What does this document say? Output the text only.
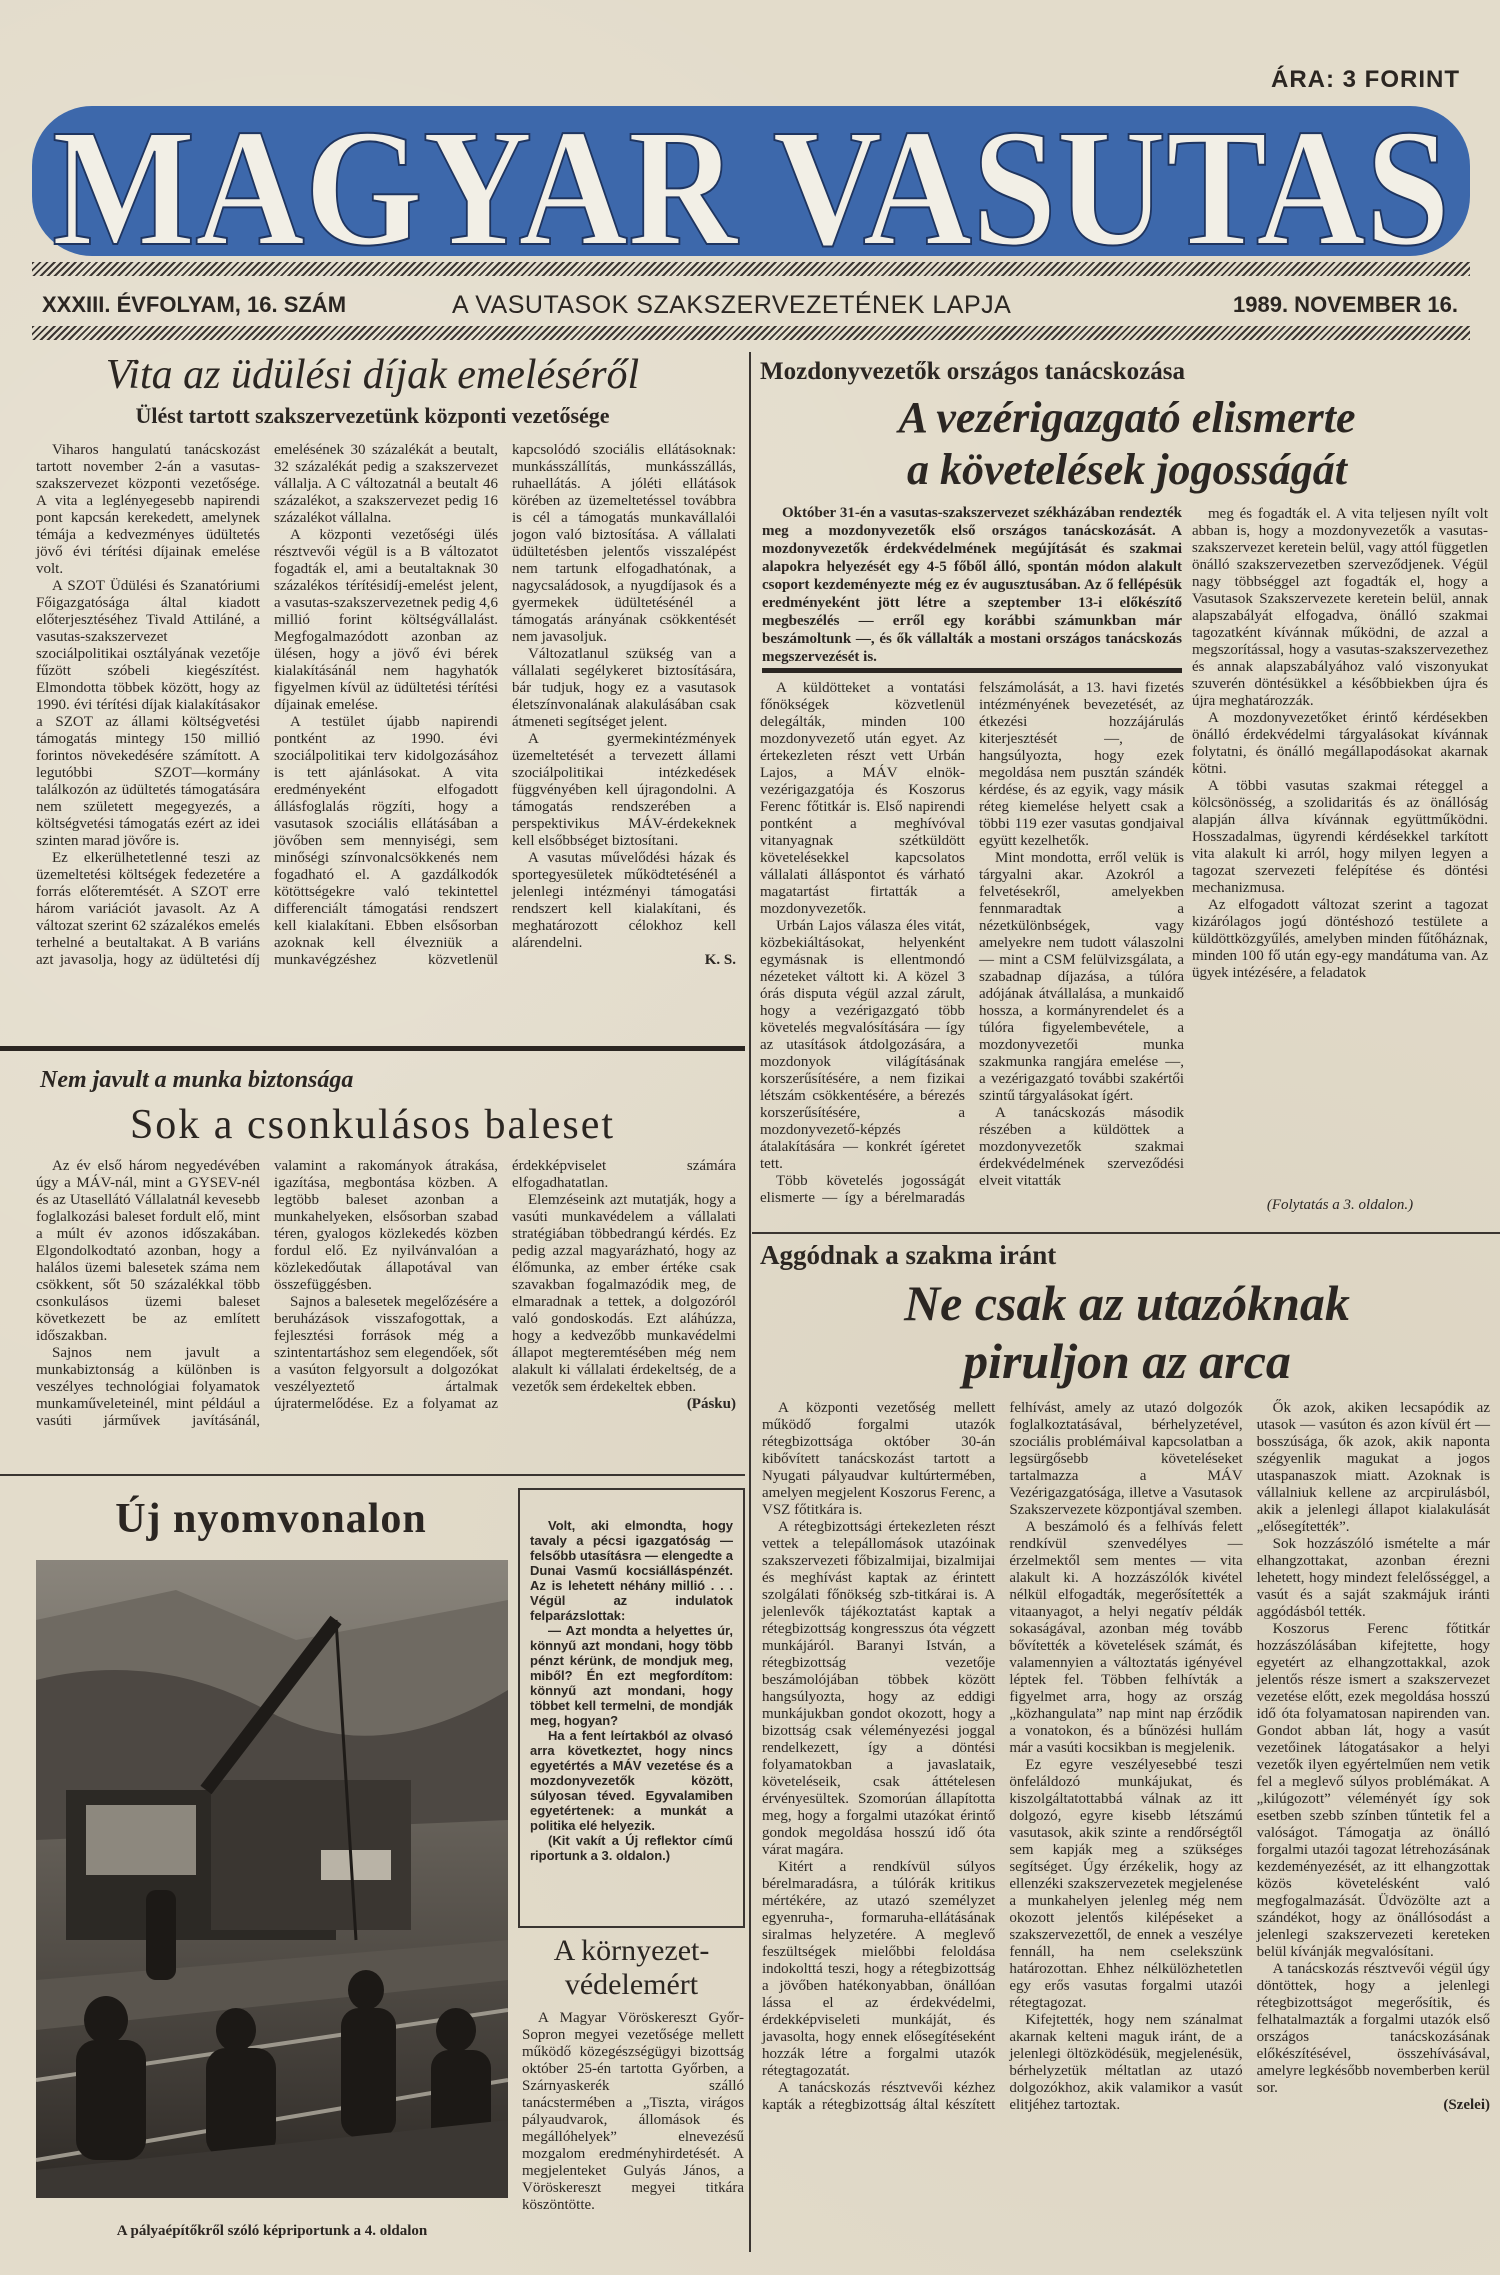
ÁRA: 3 FORINT
MAGYAR VASUTAS
XXXIII. ÉVFOLYAM, 16. SZÁM	A VASUTASOK SZAKSZERVEZETÉNEK LAPJA	1989. NOVEMBER 16.
Vita az üdülési díjak emeléséről
Ülést tartott szakszervezetünk központi vezetősége

Viharos hangulatú tanácskozást tartott november 2-án a vasutas-szakszervezet központi vezetősége. A vita a leglényegesebb napirendi pont kapcsán kerekedett, amelynek témája a kedvezményes üdültetés jövő évi térítési díjainak emelése volt.

A SZOT Üdülési és Szanatóriumi Főigazgatósága által kiadott előterjesztéséhez Tivald Attiláné, a vasutas-szakszervezet szociálpolitikai osztályának vezetője fűzött szóbeli kiegészítést. Elmondotta többek között, hogy az 1990. évi térítési díjak kialakításakor a SZOT az állami költségvetési támogatás mintegy 150 millió forintos növekedésére számított. A legutóbbi SZOT—kormány találkozón az üdültetés támogatására nem született megegyezés, a költségvetési támogatás ezért az idei szinten marad jövőre is.

Ez elkerülhetetlenné teszi az üzemeltetési költségek fedezetére a forrás előteremtését. A SZOT erre három variációt javasolt. Az A változat szerint 62 százalékos emelés terhelné a beutaltakat. A B variáns azt javasolja, hogy az üdültetési díj emelésének 30 százalékát a beutalt, 32 százalékát pedig a szakszervezet vállalja. A C változatnál a beutalt 46 százalékot, a szakszervezet pedig 16 százalékot vállalna.

A központi vezetőségi ülés résztvevői végül is a B változatot fogadták el, ami a beutaltaknak 30 százalékos térítésidíj-emelést jelent, a vasutas-szakszervezetnek pedig 4,6 millió forint költségvállalást. Megfogalmazódott azonban az ülésen, hogy a jövő évi bérek kialakításánál nem hagyhatók figyelmen kívül az üdültetési térítési díjainak emelése.

A testület újabb napirendi pontként az 1990. évi szociálpolitikai terv kidolgozásához is tett ajánlásokat. A vita eredményeként elfogadott állásfoglalás rögzíti, hogy a vasutasok szociális ellátásában a jövőben sem mennyiségi, sem minőségi színvonalcsökkenés nem fogadható el. A gazdálkodók kötöttségekre való tekintettel differenciált támogatási rendszert kell kialakítani. Ebben elsősorban azoknak kell élvezniük a munkavégzéshez közvetlenül kapcsolódó szociális ellátásoknak: munkásszállítás, munkásszállás, ruhaellátás. A jóléti ellátások körében az üzemeltetéssel továbbra is cél a támogatás munkavállalói jogon való biztosítása. A vállalati üdültetésben jelentős visszalépést nem tartunk elfogadhatónak, a nagycsaládosok, a nyugdíjasok és a gyermekek üdültetésénél a támogatás arányának csökkentését nem javasoljuk.

Változatlanul szükség van a vállalati segélykeret biztosítására, bár tudjuk, hogy ez a vasutasok életszínvonalának alakulásában csak átmeneti segítséget jelent.

A gyermekintézmények üzemeltetését a tervezett állami szociálpolitikai intézkedések függvényében kell újragondolni. A támogatás rendszerében a perspektivikus MÁV-érdekeknek kell elsőbbséget biztosítani.

A vasutas művelődési házak és sportegyesületek működtetésénél a jelenlegi intézményi támogatási rendszert kell kialakítani, és meghatározott célokhoz kell alárendelni.

K. S.

Nem javult a munka biztonsága
Sok a csonkulásos baleset

Az év első három negyedévében úgy a MÁV-nál, mint a GYSEV-nél és az Utasellátó Vállalatnál kevesebb foglalkozási baleset fordult elő, mint a múlt év azonos időszakában. Elgondolkodtató azonban, hogy a halálos üzemi balesetek száma nem csökkent, sőt 50 százalékkal több csonkulásos üzemi baleset következett be az említett időszakban.

Sajnos nem javult a munkabiztonság a különben is veszélyes technológiai folyamatok munkaműveleteinél, mint például a vasúti járművek javításánál, valamint a rakományok átrakása, igazítása, megbontása közben. A legtöbb baleset azonban a munkahelyeken, elsősorban szabad téren, gyalogos közlekedés közben fordul elő. Ez nyilvánvalóan a közlekedőutak állapotával van összefüggésben.

Sajnos a balesetek megelőzésére a beruházások visszafogottak, a fejlesztési források még a szintentartáshoz sem elegendőek, sőt a vasúton felgyorsult a dolgozókat veszélyeztető ártalmak újratermelődése. Ez a folyamat az érdekképviselet számára elfogadhatatlan.

Elemzéseink azt mutatják, hogy a vasúti munkavédelem a vállalati stratégiában többedrangú kérdés. Ez pedig azzal magyarázható, hogy az élőmunka, az ember értéke csak szavakban fogalmazódik meg, de elmaradnak a tettek, a dolgozóról való gondoskodás. Ezt aláhúzza, hogy a kedvezőbb munkavédelmi állapot megteremtésében még nem alakult ki vállalati érdekeltség, de a vezetők sem érdekeltek ebben.

(Pásku)

Új nyomvonalon
A pályaépítőkről szóló képriportunk a 4. oldalon

Volt, aki elmondta, hogy tavaly a pécsi igazgatóság — felsőbb utasításra — elengedte a Dunai Vasmű kocsiálláspénzét. Az is lehetett néhány millió . . . Végül az indulatok felparázslottak:

— Azt mondta a helyettes úr, könnyű azt mondani, hogy több pénzt kérünk, de mondjuk meg, miből? Én ezt megfordítom: könnyű azt mondani, hogy többet kell termelni, de mondják meg, hogyan?

Ha a fent leírtakból az olvasó arra következtet, hogy nincs egyetértés a MÁV vezetése és a mozdonyvezetők között, súlyosan téved. Egyvalamiben egyetértenek: a munkát a politika elé helyezik.

(Kit vakít a Új reflektor című riportunk a 3. oldalon.)

A környezet-
védelemért

A Magyar Vöröskereszt Győr-Sopron megyei vezetősége mellett működő közegészségügyi bizottság október 25-én tartotta Győrben, a Szárnyaskerék szálló tanácstermében a „Tiszta, virágos pályaudvarok, állomások és megállóhelyek” elnevezésű mozgalom eredményhirdetését. A megjelenteket Gulyás János, a Vöröskereszt megyei titkára köszöntötte.

Mozdonyvezetők országos tanácskozása
A vezérigazgató elismerte
a követelések jogosságát
Október 31-én a vasutas-szakszervezet székházában rendezték meg a mozdonyvezetők első országos tanácskozását. A mozdonyvezetők érdekvédelmének megújítását és szakmai alapokra helyezését egy 4-5 főből álló, spontán módon alakult csoport kezdeményezte még ez év augusztusában. Az ő fellépésük eredményeként jött létre a szeptember 13-i előkészítő megbeszélés — erről egy korábbi számunkban már beszámoltunk —, és ők vállalták a mostani országos tanácskozás megszervezését is.

A küldötteket a vontatási főnökségek közvetlenül delegálták, minden 100 mozdonyvezető után egyet. Az értekezleten részt vett Urbán Lajos, a MÁV elnök-vezérigazgatója és Koszorus Ferenc főtitkár is. Első napirendi pontként a meghívóval vitanyagnak szétküldött követelésekkel kapcsolatos vállalati álláspontot és várható magatartást firtatták a mozdonyvezetők.

Urbán Lajos válasza éles vitát, közbekiáltásokat, helyenként egymásnak is ellentmondó nézeteket váltott ki. A közel 3 órás disputa végül azzal zárult, hogy a vezérigazgató több követelés megvalósítására — így az utasítások átdolgozására, a mozdonyok világításának korszerűsítésére, a nem fizikai létszám csökkentésére, a bérezés korszerűsítésére, a mozdonyvezető-képzés átalakítására — konkrét ígéretet tett.

Több követelés jogosságát elismerte — így a bérelmaradás felszámolását, a 13. havi fizetés intézményének bevezetését, az étkezési hozzájárulás kiterjesztését —, de hangsúlyozta, hogy ezek megoldása nem pusztán szándék kérdése, és az egyik, vagy másik réteg kiemelése helyett csak a többi 119 ezer vasutas gondjaival együtt kezelhetők.

Mint mondotta, erről velük is tárgyalni akar. Azokról a felvetésekről, amelyekben fennmaradtak a nézetkülönbségek, vagy amelyekre nem tudott válaszolni — mint a CSM felülvizsgálata, a szabadnap díjazása, a túlóra adójának átvállalása, a munkaidő hossza, a kormányrendelet és a túlóra figyelembevétele, a mozdonyvezetői munka szakmunka rangjára emelése —, a vezérigazgató további szakértői szintű tárgyalásokat ígért.

A tanácskozás második részében a küldöttek a mozdonyvezetők szakmai érdekvédelmének szerveződési elveit vitatták

meg és fogadták el. A vita teljesen nyílt volt abban is, hogy a mozdonyvezetők a vasutas-szakszervezet keretein belül, vagy attól független önálló szakszervezetben szerveződjenek. Végül nagy többséggel azt fogadták el, hogy a Vasutasok Szakszervezete keretein belül, annak alapszabályát elfogadva, önálló szakmai tagozatként kívánnak működni, de azzal a megszorítással, hogy a vasutas-szakszervezethez és annak alapszabályához való viszonyukat szuverén döntésükkel a későbbiekben újra és újra meghatározzák.

A mozdonyvezetőket érintő kérdésekben önálló érdekvédelmi tárgyalásokat kívánnak folytatni, és önálló megállapodásokat akarnak kötni.

A többi vasutas szakmai réteggel a kölcsönösség, a szolidaritás és az önállóság alapján állva kívánnak együttműködni. Hosszadalmas, ügyrendi kérdésekkel tarkított vita alakult ki arról, hogy milyen legyen a tagozat szervezeti felépítése és döntési mechanizmusa.

Az elfogadott változat szerint a tagozat kizárólagos jogú döntéshozó testülete a küldöttközgyűlés, amelyben minden fűtőháznak, minden 100 fő után egy-egy mandátuma van. Az ügyek intézésére, a feladatok

(Folytatás a 3. oldalon.)
Aggódnak a szakma iránt
Ne csak az utazóknak
piruljon az arca

A központi vezetőség mellett működő forgalmi utazók rétegbizottsága október 30-án kibővített tanácskozást tartott a Nyugati pályaudvar kultúrtermében, amelyen megjelent Koszorus Ferenc, a VSZ főtitkára is.

A rétegbizottsági értekezleten részt vettek a telepállomások utazóinak szakszervezeti főbizalmijai, bizalmijai és meghívást kaptak az érintett szolgálati főnökség szb-titkárai is. A jelenlevők tájékoztatást kaptak a rétegbizottság kongresszus óta végzett munkájáról. Baranyi István, a rétegbizottság vezetője beszámolójában többek között hangsúlyozta, hogy az eddigi munkájukban gondot okozott, hogy a bizottság csak véleményezési joggal rendelkezett, így a döntési folyamatokban a javaslataik, követeléseik, csak áttételesen érvényesültek. Szomorúan állapította meg, hogy a forgalmi utazókat érintő gondok megoldása hosszú idő óta várat magára.

Kitért a rendkívül súlyos bérelmaradásra, a túlórák kritikus mértékére, az utazó személyzet egyenruha-, formaruha-ellátásának siralmas helyzetére. A meglevő feszültségek mielőbbi feloldása indokolttá teszi, hogy a rétegbizottság a jövőben hatékonyabban, önállóan lássa el az érdekvédelmi, érdekképviseleti munkáját, és javasolta, hogy ennek elősegítéseként hozzák létre a forgalmi utazók rétegtagozatát.

A tanácskozás résztvevői kézhez kapták a rétegbizottság által készített felhívást, amely az utazó dolgozók foglalkoztatásával, bérhelyzetével, szociális problémáival kapcsolatban a legsürgősebb követeléseket tartalmazza a MÁV Vezérigazgatósága, illetve a Vasutasok Szakszervezete központjával szemben.

A beszámoló és a felhívás felett rendkívül szenvedélyes — érzelmektől sem mentes — vita alakult ki. A hozzászólók kivétel nélkül elfogadták, megerősítették a vitaanyagot, a helyi negatív példák sokaságával, azonban még tovább bővítették a követelések számát, és valamennyien a változtatás igényével léptek fel. Többen felhívták a figyelmet arra, hogy az ország „közhangulata” nap mint nap érződik a vonatokon, és a bűnözési hullám már a vasúti kocsikban is megjelenik.

Ez egyre veszélyesebbé teszi önfeláldozó munkájukat, és kiszolgáltatottabbá válnak az itt dolgozó, egyre kisebb létszámú vasutasok, akik szinte a rendőrségtől sem kapják meg a szükséges segítséget. Úgy érzékelik, hogy az ellenzéki szakszervezetek megjelenése a munkahelyen jelenleg még nem okozott jelentős kilépéseket a szakszervezettől, de ennek a veszélye fennáll, ha nem cselekszünk határozottan. Ehhez nélkülözhetetlen egy erős vasutas forgalmi utazói rétegtagozat.

Kifejtették, hogy nem szánalmat akarnak kelteni maguk iránt, de a jelenlegi öltözködésük, megjelenésük, bérhelyzetük méltatlan az utazó dolgozókhoz, akik valamikor a vasút elitjéhez tartoztak.

Ők azok, akiken lecsapódik az utasok — vasúton és azon kívül ért — bosszúsága, ők azok, akik naponta szégyenlik magukat a jogos utaspanaszok miatt. Azoknak is vállalniuk kellene az arcpirulásból, akik a jelenlegi állapot kialakulását „elősegítették”.

Sok hozzászóló ismételte a már elhangzottakat, azonban érezni lehetett, hogy mindezt felelősséggel, a vasút és a saját szakmájuk iránti aggódásból tették.

Koszorus Ferenc főtitkár hozzászólásában kifejtette, hogy egyetért az elhangzottakkal, azok jelentős része ismert a szakszervezet vezetése előtt, ezek megoldása hosszú idő óta folyamatosan napirenden van. Gondot abban lát, hogy a vasút vezetőinek látogatásakor a helyi vezetők ilyen egyértelműen nem vetik fel a meglevő súlyos problémákat. A „kilúgozott” véleményét így sok esetben szebb színben tűntetik fel a valóságot. Támogatja az önálló forgalmi utazói tagozat létrehozásának kezdeményezését, az itt elhangzottak közös követelésként való megfogalmazását. Üdvözölte azt a szándékot, hogy az önállósodást a jelenlegi szakszervezeti kereteken belül kívánják megvalósítani.

A tanácskozás résztvevői végül úgy döntöttek, hogy a jelenlegi rétegbizottságot megerősítik, és felhatalmazták a forgalmi utazók első országos tanácskozásának előkészítésével, összehívásával, amelyre legkésőbb novemberben kerül sor.

(Szelei)
